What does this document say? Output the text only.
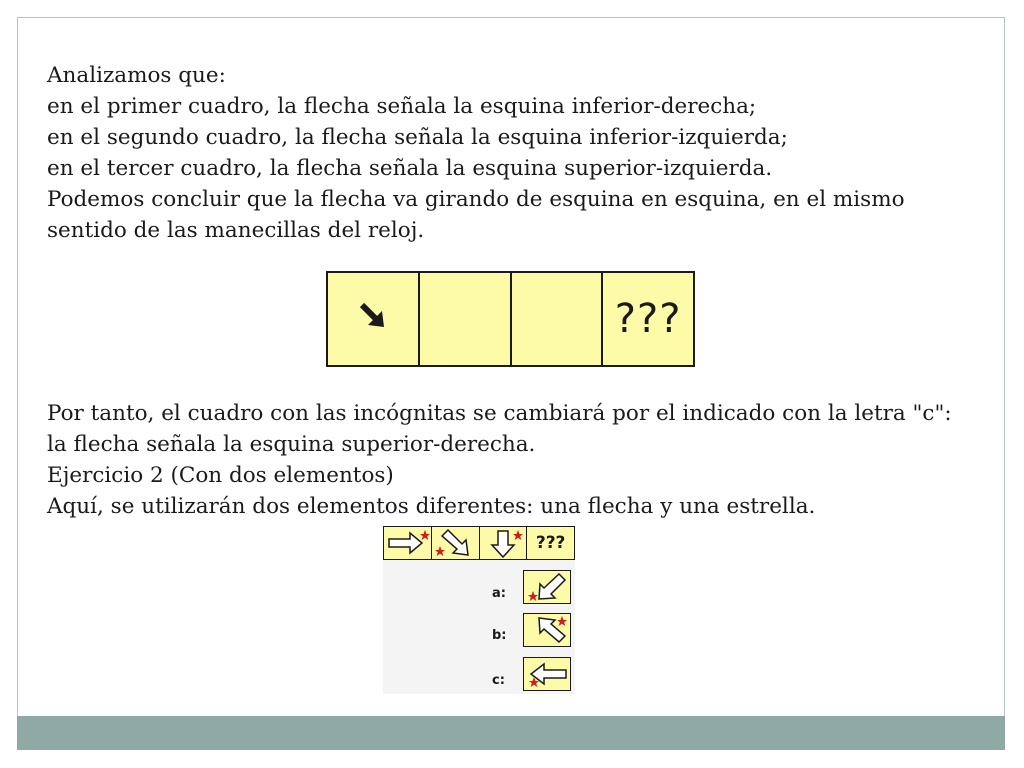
Analizamos que:
en el primer cuadro, la flecha señala la esquina inferior-derecha;
en el segundo cuadro, la flecha señala la esquina inferior-izquierda;
en el tercer cuadro, la flecha señala la esquina superior-izquierda.
Podemos concluir que la flecha va girando de esquina en esquina, en el mismo
sentido de las manecillas del reloj.
???
Por tanto, el cuadro con las incógnitas se cambiará por el indicado con la letra "c":
la flecha señala la esquina superior-derecha.
Ejercicio 2 (Con dos elementos)
Aquí, se utilizarán dos elementos diferentes: una flecha y una estrella.
???
a:
b:
c:
